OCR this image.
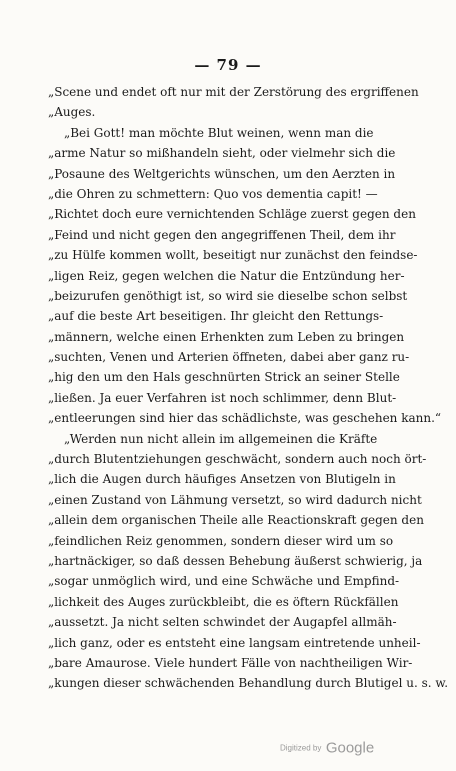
— 79 —
„Scene und endet oft nur mit der Zerstörung des ergriffenen
„Auges.
„Bei Gott! man möchte Blut weinen, wenn man die
„arme Natur so mißhandeln sieht, oder vielmehr sich die
„Posaune des Weltgerichts wünschen, um den Aerzten in
„die Ohren zu schmettern: Quo vos dementia capit! —
„Richtet doch eure vernichtenden Schläge zuerst gegen den
„Feind und nicht gegen den angegriffenen Theil, dem ihr
„zu Hülfe kommen wollt, beseitigt nur zunächst den feindse-
„ligen Reiz, gegen welchen die Natur die Entzündung her-
„beizurufen genöthigt ist, so wird sie dieselbe schon selbst
„auf die beste Art beseitigen. Ihr gleicht den Rettungs-
„männern, welche einen Erhenkten zum Leben zu bringen
„suchten, Venen und Arterien öffneten, dabei aber ganz ru-
„hig den um den Hals geschnürten Strick an seiner Stelle
„ließen. Ja euer Verfahren ist noch schlimmer, denn Blut-
„entleerungen sind hier das schädlichste, was geschehen kann.“
„Werden nun nicht allein im allgemeinen die Kräfte
„durch Blutentziehungen geschwächt, sondern auch noch ört-
„lich die Augen durch häufiges Ansetzen von Blutigeln in
„einen Zustand von Lähmung versetzt, so wird dadurch nicht
„allein dem organischen Theile alle Reactionskraft gegen den
„feindlichen Reiz genommen, sondern dieser wird um so
„hartnäckiger, so daß dessen Behebung äußerst schwierig, ja
„sogar unmöglich wird, und eine Schwäche und Empfind-
„lichkeit des Auges zurückbleibt, die es öftern Rückfällen
„aussetzt. Ja nicht selten schwindet der Augapfel allmäh-
„lich ganz, oder es entsteht eine langsam eintretende unheil-
„bare Amaurose. Viele hundert Fälle von nachtheiligen Wir-
„kungen dieser schwächenden Behandlung durch Blutigel u. s. w.
Digitized by Google
